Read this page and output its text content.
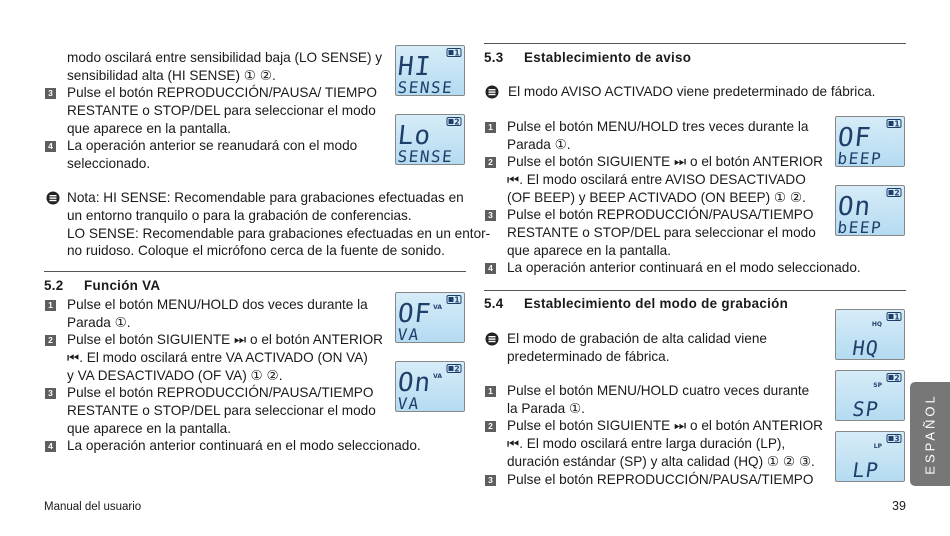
modo oscilará entre sensibilidad baja (LO SENSE) y
sensibilidad alta (HI SENSE) ① ②.
3 Pulse el botón REPRODUCCIÓN/PAUSA/ TIEMPO
RESTANTE o STOP/DEL para seleccionar el modo
que aparece en la pantalla.
4 La operación anterior se reanudará con el modo
seleccionado.
Nota: HI SENSE: Recomendable para grabaciones efectuadas en
un entorno tranquilo o para la grabación de conferencias.
LO SENSE: Recomendable para grabaciones efectuadas en un entor-
no ruidoso. Coloque el micrófono cerca de la fuente de sonido.
5.2 Función VA
1 Pulse el botón MENU/HOLD dos veces durante la
Parada ①.
2 Pulse el botón SIGUIENTE ⏭ o el botón ANTERIOR
⏮. El modo oscilará entre VA ACTIVADO (ON VA)
y VA DESACTIVADO (OF VA) ① ②.
3 Pulse el botón REPRODUCCIÓN/PAUSA/TIEMPO
RESTANTE o STOP/DEL para seleccionar el modo
que aparece en la pantalla.
4 La operación anterior continuará en el modo seleccionado.
5.3 Establecimiento de aviso
El modo AVISO ACTIVADO viene predeterminado de fábrica.
1 Pulse el botón MENU/HOLD tres veces durante la
Parada ①.
2 Pulse el botón SIGUIENTE ⏭ o el botón ANTERIOR
⏮. El modo oscilará entre AVISO DESACTIVADO
(OF BEEP) y BEEP ACTIVADO (ON BEEP) ① ②.
3 Pulse el botón REPRODUCCIÓN/PAUSA/TIEMPO
RESTANTE o STOP/DEL para seleccionar el modo
que aparece en la pantalla.
4 La operación anterior continuará en el modo seleccionado.
5.4 Establecimiento del modo de grabación
El modo de grabación de alta calidad viene
predeterminado de fábrica.
1 Pulse el botón MENU/HOLD cuatro veces durante
la Parada ①.
2 Pulse el botón SIGUIENTE ⏭ o el botón ANTERIOR
⏮. El modo oscilará entre larga duración (LP),
duración estándar (SP) y alta calidad (HQ) ① ② ③.
3 Pulse el botón REPRODUCCIÓN/PAUSA/TIEMPO
1
HI
SENSE
2
Lo
SENSE
1
VA
OF
VA
2
VA
On
VA
1
OF
bEEP
2
On
bEEP
1
HQ
HQ
2
SP
SP
3
LP
LP
Manual del usuario	39
ESPAÑOL
